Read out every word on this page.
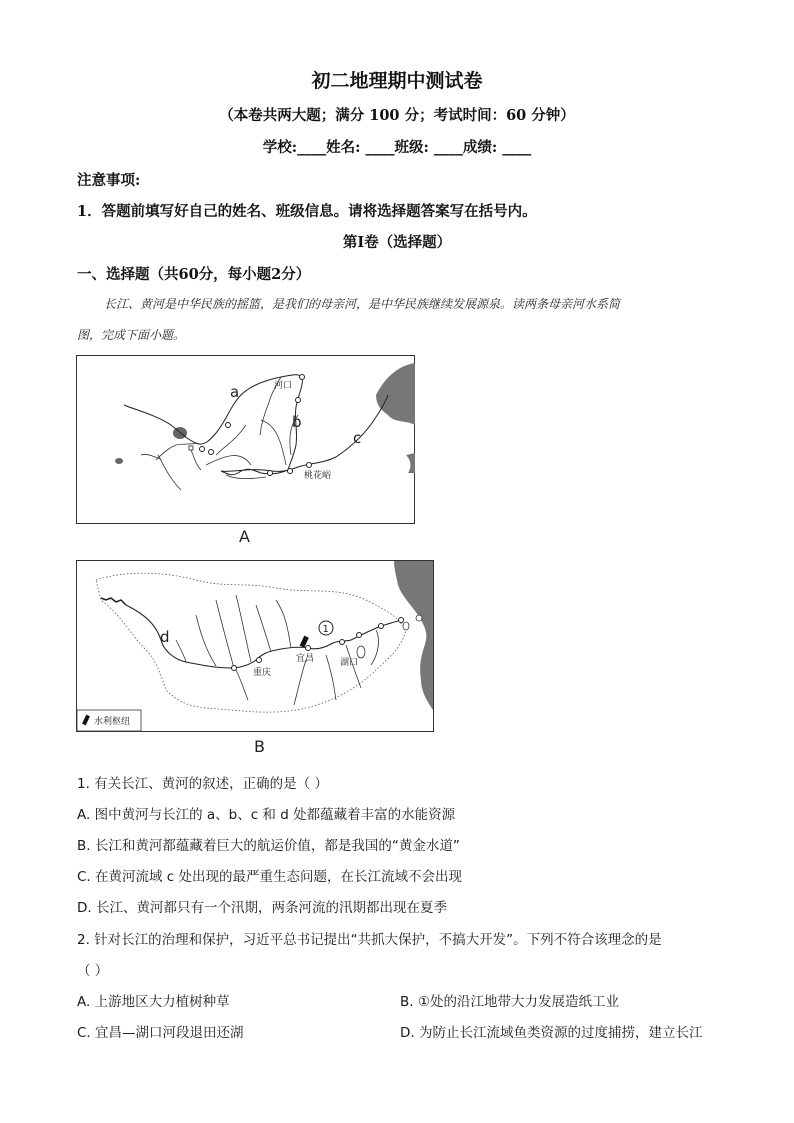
初二地理期中测试卷
（本卷共两大题；满分 100 分；考试时间：60 分钟）
学校:____姓名: ____班级: ____成绩: ____
注意事项:
1．答题前填写好自己的姓名、班级信息。请将选择题答案写在括号内。
第Ⅰ卷（选择题）
一、选择题（共60分，每小题2分）
长江、黄河是中华民族的摇篮，是我们的母亲河，是中华民族继续发展源泉。读两条母亲河水系简
图，完成下面小题。
a
b
c
河口
桃花峪
A
1
d
宜昌	湖口
重庆
水利枢纽
B
1. 有关长江、黄河的叙述，正确的是（ ）
A. 图中黄河与长江的 a、b、c 和 d 处都蕴藏着丰富的水能资源
B. 长江和黄河都蕴藏着巨大的航运价值，都是我国的“黄金水道”
C. 在黄河流域 c 处出现的最严重生态问题，在长江流域不会出现
D. 长江、黄河都只有一个汛期，两条河流的汛期都出现在夏季
2. 针对长江的治理和保护，习近平总书记提出“共抓大保护，不搞大开发”。下列不符合该理念的是
（ ）
A. 上游地区大力植树种草	B. ①处的沿江地带大力发展造纸工业
C. 宜昌—湖口河段退田还湖	D. 为防止长江流域鱼类资源的过度捕捞，建立长江
